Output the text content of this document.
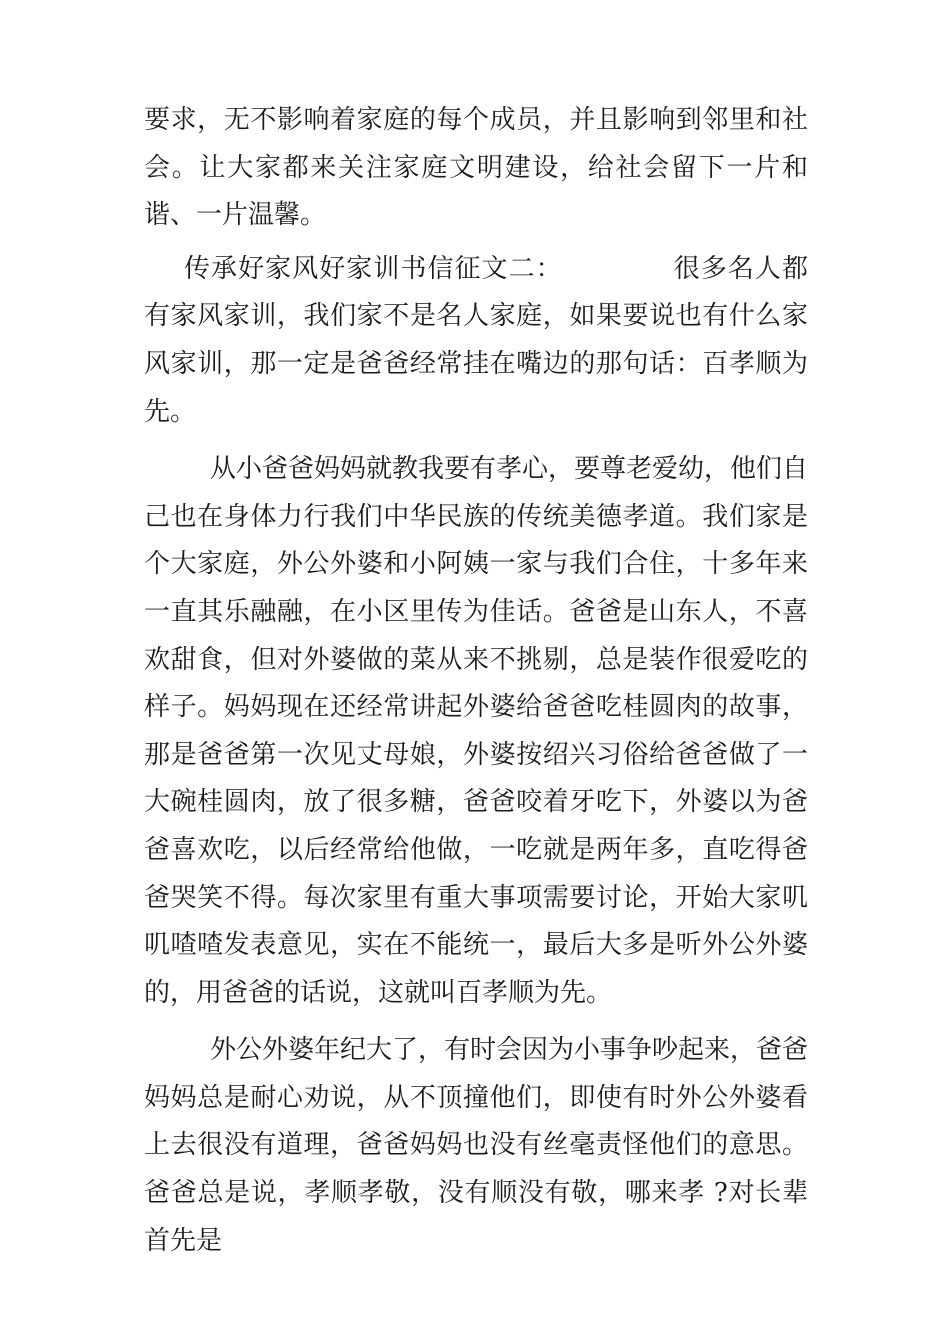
要求，无不影响着家庭的每个成员，并且影响到邻里和社会。让大家都来关注家庭文明建设，给社会留下一片和谐、一片温馨。

传承好家风好家训书信征文二：	很多名人都有家风家训，我们家不是名人家庭，如果要说也有什么家风家训，那一定是爸爸经常挂在嘴边的那句话：百孝顺为先。

从小爸爸妈妈就教我要有孝心，要尊老爱幼，他们自己也在身体力行我们中华民族的传统美德孝道。我们家是个大家庭，外公外婆和小阿姨一家与我们合住，十多年来一直其乐融融，在小区里传为佳话。爸爸是山东人，不喜欢甜食，但对外婆做的菜从来不挑剔，总是装作很爱吃的样子。妈妈现在还经常讲起外婆给爸爸吃桂圆肉的故事，那是爸爸第一次见丈母娘，外婆按绍兴习俗给爸爸做了一大碗桂圆肉，放了很多糖，爸爸咬着牙吃下，外婆以为爸爸喜欢吃，以后经常给他做，一吃就是两年多，直吃得爸爸哭笑不得。每次家里有重大事项需要讨论，开始大家叽叽喳喳发表意见，实在不能统一，最后大多是听外公外婆的，用爸爸的话说，这就叫百孝顺为先。

外公外婆年纪大了，有时会因为小事争吵起来，爸爸妈妈总是耐心劝说，从不顶撞他们，即使有时外公外婆看上去很没有道理，爸爸妈妈也没有丝毫责怪他们的意思。爸爸总是说，孝顺孝敬，没有顺没有敬，哪来孝 ?对长辈首先是
